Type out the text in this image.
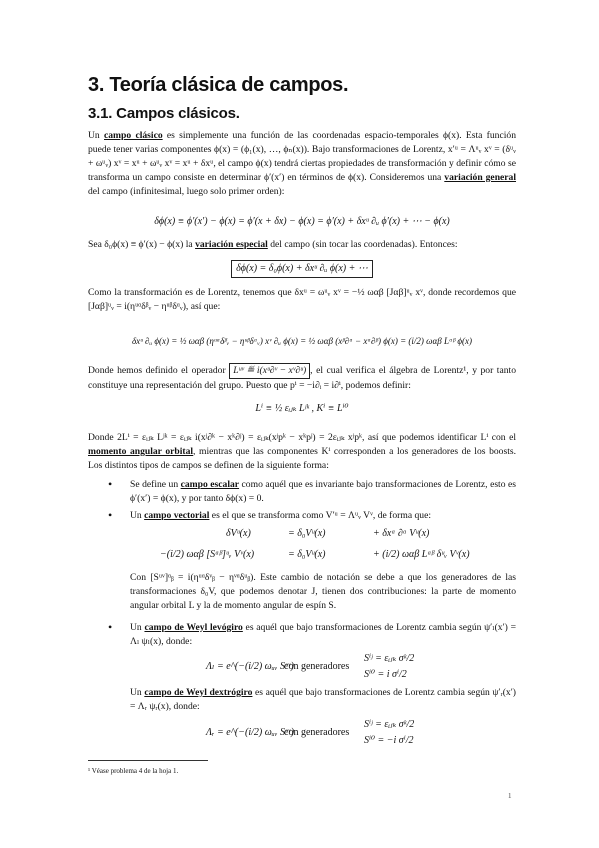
3. Teoría clásica de campos.
3.1. Campos clásicos.
Un campo clásico es simplemente una función de las coordenadas espacio-temporales ϕ(x). Esta función puede tener varias componentes ϕ(x) = (ϕ₁(x), …, ϕₙ(x)). Bajo transformaciones de Lorentz, x′ᵘ = Λᵘᵥ xᵛ = (δᵘᵥ + ωᵘᵥ) xᵛ = xᵘ + ωᵘᵥ xᵛ = xᵘ + δxᵘ, el campo ϕ(x) tendrá ciertas propiedades de transformación y definir cómo se transforma un campo consiste en determinar ϕ′(x′) en términos de ϕ(x). Consideremos una variación general del campo (infinitesimal, luego solo primer orden):
δϕ(x) ≡ ϕ′(x′) − ϕ(x) = ϕ′(x + δx) − ϕ(x) = ϕ′(x) + δxᵘ ∂ᵤ ϕ′(x) + ⋯ − ϕ(x)
Sea δ₀ϕ(x) ≡ ϕ′(x) − ϕ(x) la variación especial del campo (sin tocar las coordenadas). Entonces:
δϕ(x) = δ₀ϕ(x) + δxᵘ ∂ᵤ ϕ(x) + ⋯
Como la transformación es de Lorentz, tenemos que δxᵘ = ωᵘᵥ xᵛ = −½ ωαβ [Jαβ]ᵘᵥ xᵛ, donde recordemos que [Jαβ]ᵘᵥ = i(ηᵘᵅδᵝᵥ − ηᵘᵝδᵅᵥ), así que:
δxᵘ ∂ᵤ ϕ(x) = ½ ωαβ (ηᵘᵅδᵝᵥ − ηᵘᵝδᵅᵥ) xᵛ ∂ᵤ ϕ(x) = ½ ωαβ (xᵝ∂ᵅ − xᵅ∂ᵝ) ϕ(x) = (i/2) ωαβ Lᵅᵝ ϕ(x)
Donde hemos definido el operador Lᵘᵛ ≝ i(xᵘ∂ᵛ − xᵛ∂ᵘ) , el cual verifica el álgebra de Lorentz¹, y por tanto constituye una representación del grupo. Puesto que pⁱ = −i∂ᵢ = i∂ⁱ, podemos definir:
Lⁱ ≡ ½ εᵢⱼₖ Lʲᵏ , Kⁱ ≡ Lⁱ⁰
Donde 2Lⁱ = εᵢⱼₖ Lʲᵏ = εᵢⱼₖ i(xʲ∂ᵏ − xᵏ∂ʲ) = εᵢⱼₖ(xʲpᵏ − xᵏpʲ) = 2εᵢⱼₖ xʲpᵏ, así que podemos identificar Lⁱ con el momento angular orbital, mientras que las componentes Kⁱ corresponden a los generadores de los boosts. Los distintos tipos de campos se definen de la siguiente forma:
• Se define un campo escalar como aquél que es invariante bajo transformaciones de Lorentz, esto es ϕ′(x′) = ϕ(x), y por tanto δϕ(x) = 0.
• Un campo vectorial es el que se transforma como V′ᵘ = Λᵘᵥ Vᵛ, de forma que:
δVᵘ(x)	= δ₀Vᵘ(x)	+ δxᵅ ∂ᵅ Vᵘ(x)
−(i/2) ωαβ [Sᵅᵝ]ᵘᵥ Vᵛ(x)	= δ₀Vᵘ(x)	+ (i/2) ωαβ Lᵅᵝ δᵘᵥ Vᵛ(x)
Con [Sᵘᵛ]ᵅᵦ = i(ηᵘᵅδᵛᵦ − ηᵛᵅδᵘᵦ). Este cambio de notación se debe a que los generadores de las transformaciones δ₀V, que podemos denotar J, tienen dos contribuciones: la parte de momento angular orbital L y la de momento angular de espín S.
• Un campo de Weyl levógiro es aquél que bajo transformaciones de Lorentz cambia según ψ′ₗ(x′) = Λₗ ψₗ(x), donde:
Λₗ = e^(−(i/2) ωᵤᵥ Sᵘᵛ)
con generadores
Sⁱʲ = εᵢⱼₖ σᵏ/2
Sⁱ⁰ = i σⁱ/2
Un campo de Weyl dextrógiro es aquél que bajo transformaciones de Lorentz cambia según ψ′ᵣ(x′) = Λᵣ ψᵣ(x), donde:
Λᵣ = e^(−(i/2) ωᵤᵥ Sᵘᵛ)
con generadores
Sⁱʲ = εᵢⱼₖ σᵏ/2
Sⁱ⁰ = −i σⁱ/2
¹ Véase problema 4 de la hoja 1.
1
